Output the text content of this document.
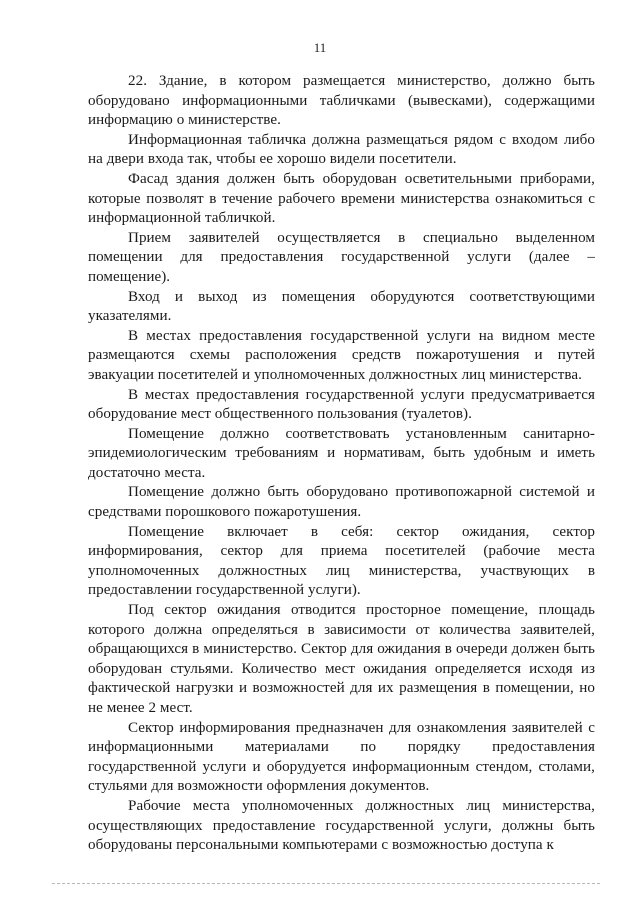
11

22. Здание, в котором размещается министерство, должно быть оборудовано информационными табличками (вывесками), содержащими информацию о министерстве.

Информационная табличка должна размещаться рядом с входом либо на двери входа так, чтобы ее хорошо видели посетители.

Фасад здания должен быть оборудован осветительными приборами, которые позволят в течение рабочего времени министерства ознакомиться с информационной табличкой.

Прием заявителей осуществляется в специально выделенном помещении для предоставления государственной услуги (далее – помещение).

Вход и выход из помещения оборудуются соответствующими указателями.

В местах предоставления государственной услуги на видном месте размещаются схемы расположения средств пожаротушения и путей эвакуации посетителей и уполномоченных должностных лиц министерства.

В местах предоставления государственной услуги предусматривается оборудование мест общественного пользования (туалетов).

Помещение должно соответствовать установленным санитарно-эпидемиологическим требованиям и нормативам, быть удобным и иметь достаточно места.

Помещение должно быть оборудовано противопожарной системой и средствами порошкового пожаротушения.

Помещение включает в себя: сектор ожидания, сектор информирования, сектор для приема посетителей (рабочие места уполномоченных должностных лиц министерства, участвующих в предоставлении государственной услуги).

Под сектор ожидания отводится просторное помещение, площадь которого должна определяться в зависимости от количества заявителей, обращающихся в министерство. Сектор для ожидания в очереди должен быть оборудован стульями. Количество мест ожидания определяется исходя из фактической нагрузки и возможностей для их размещения в помещении, но не менее 2 мест.

Сектор информирования предназначен для ознакомления заявителей с информационными материалами по порядку предоставления государственной услуги и оборудуется информационным стендом, столами, стульями для возможности оформления документов.

Рабочие места уполномоченных должностных лиц министерства, осуществляющих предоставление государственной услуги, должны быть оборудованы персональными компьютерами с возможностью доступа к
